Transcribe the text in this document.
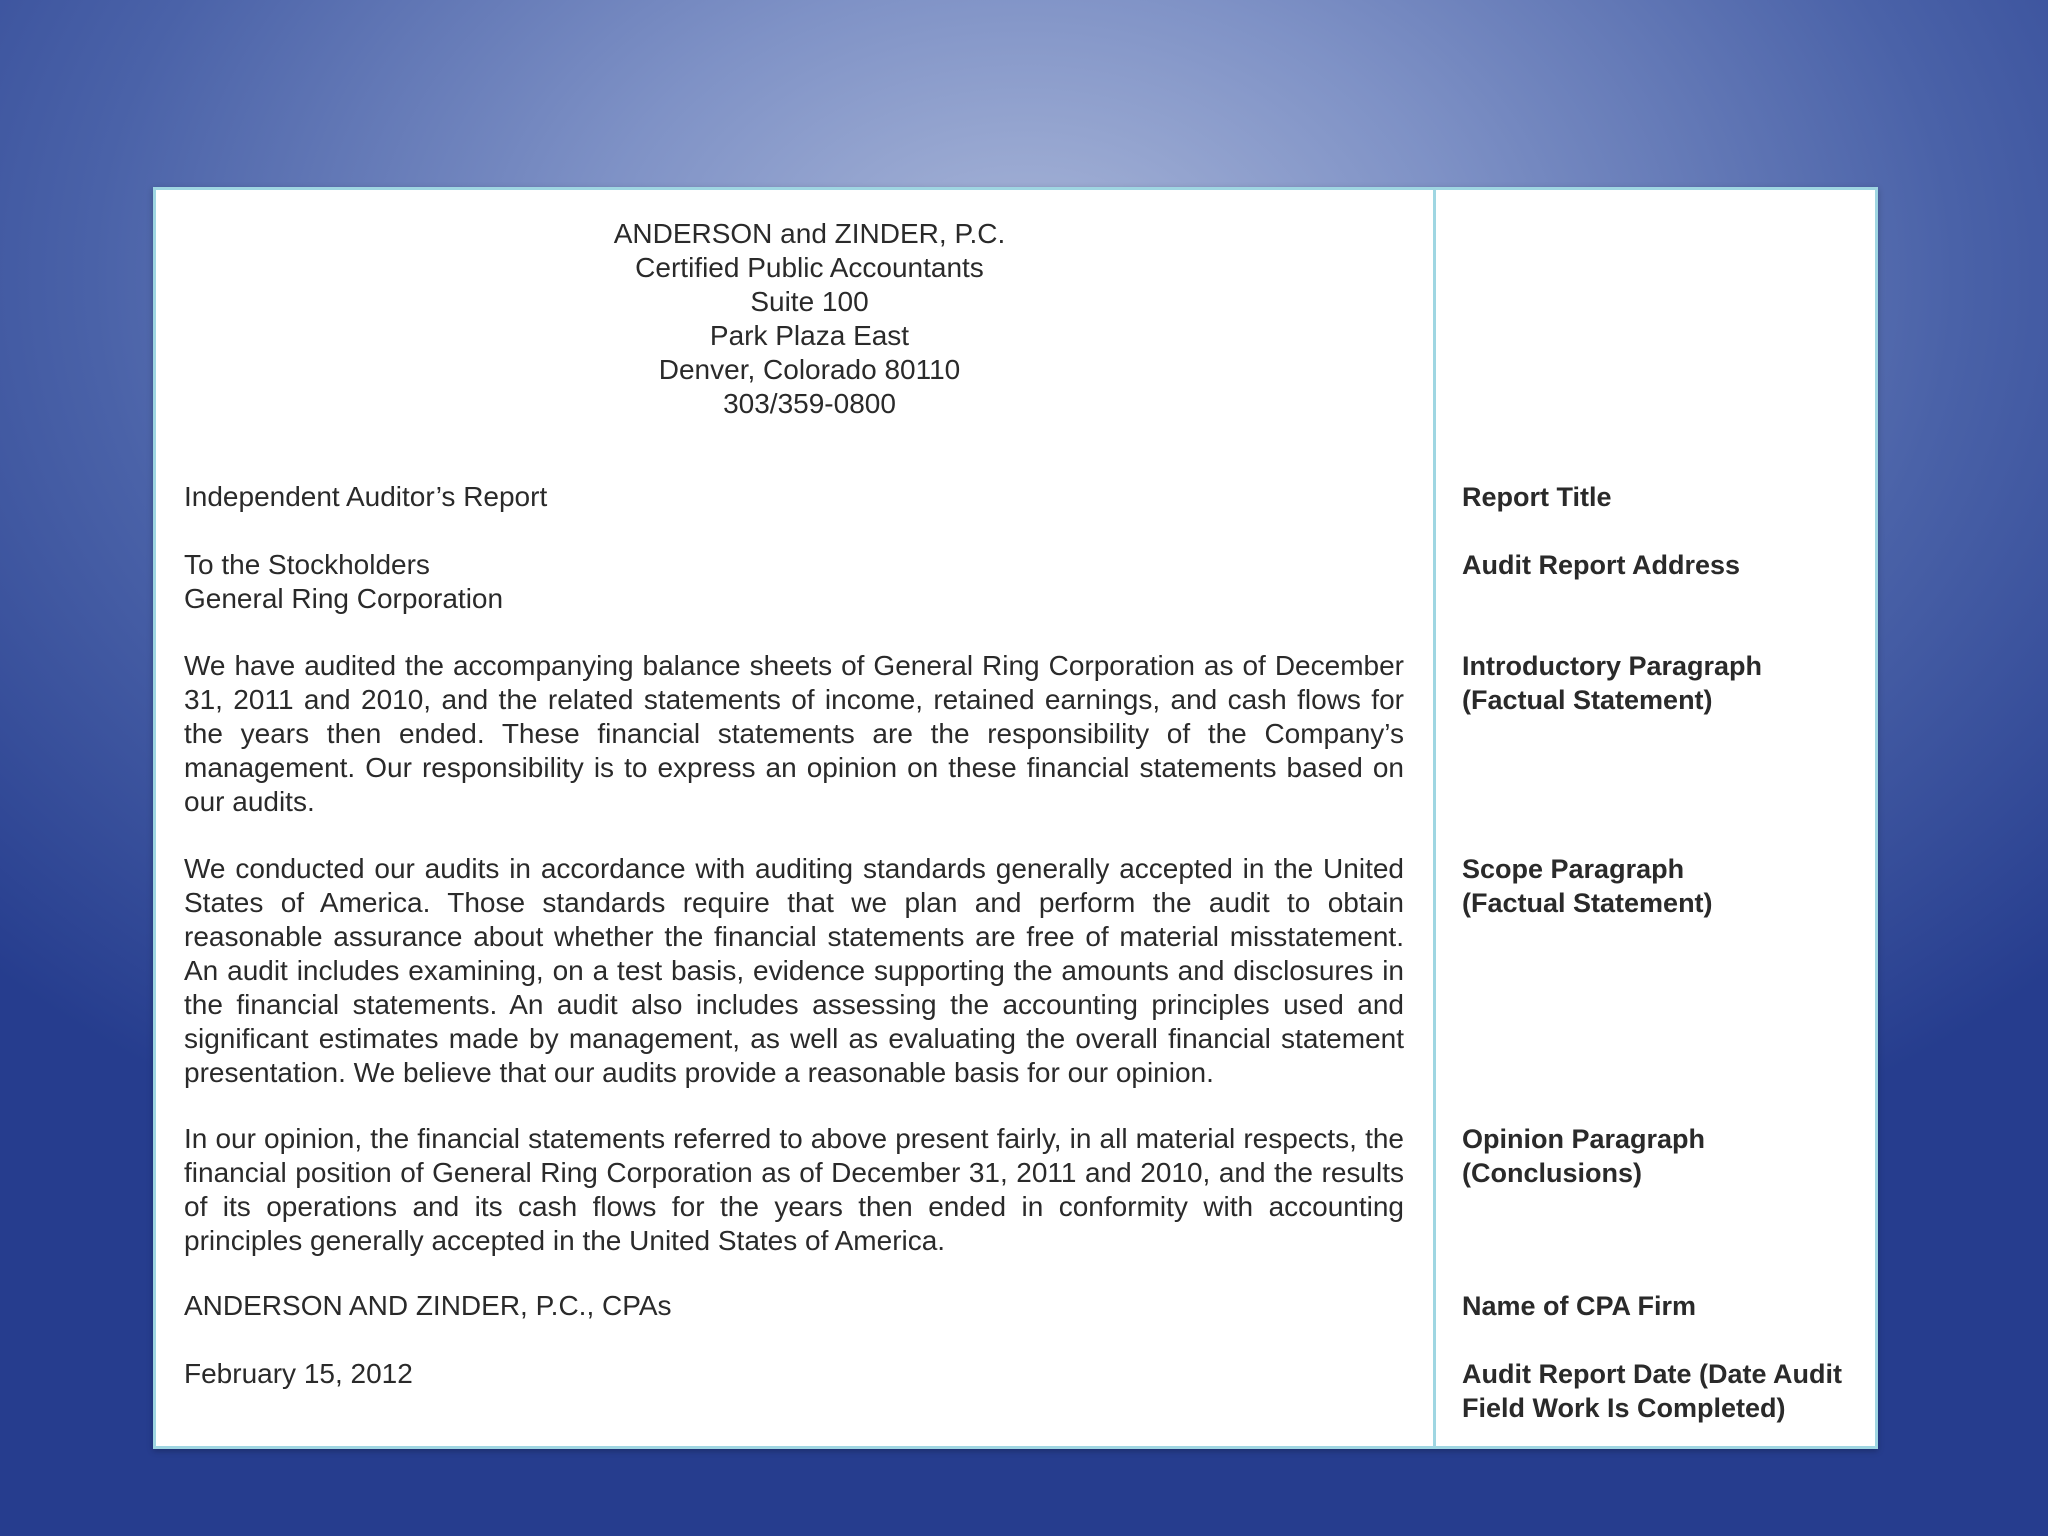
ANDERSON and ZINDER, P.C.
Certified Public Accountants
Suite 100
Park Plaza East
Denver, Colorado 80110
303/359-0800
Independent Auditor’s Report
To the Stockholders
General Ring Corporation
We have audited the accompanying balance sheets of General Ring Corporation as of December 31, 2011 and 2010, and the related statements of income, retained earnings, and cash flows for the years then ended. These financial statements are the responsibility of the Company’s management. Our responsibility is to express an opinion on these financial statements based on our audits.
We conducted our audits in accordance with auditing standards generally accepted in the United States of America. Those standards require that we plan and perform the audit to obtain reasonable assurance about whether the financial statements are free of material misstatement. An audit includes examining, on a test basis, evidence supporting the amounts and disclosures in the financial statements. An audit also includes assessing the accounting principles used and significant estimates made by management, as well as evaluating the overall financial statement presentation. We believe that our audits provide a reasonable basis for our opinion.
In our opinion, the financial statements referred to above present fairly, in all material respects, the financial position of General Ring Corporation as of December 31, 2011 and 2010, and the results of its operations and its cash flows for the years then ended in conformity with accounting principles generally accepted in the United States of America.
ANDERSON AND ZINDER, P.C., CPAs
February 15, 2012
Report Title
Audit Report Address
Introductory Paragraph
(Factual Statement)
Scope Paragraph
(Factual Statement)
Opinion Paragraph
(Conclusions)
Name of CPA Firm
Audit Report Date (Date Audit
Field Work Is Completed)
